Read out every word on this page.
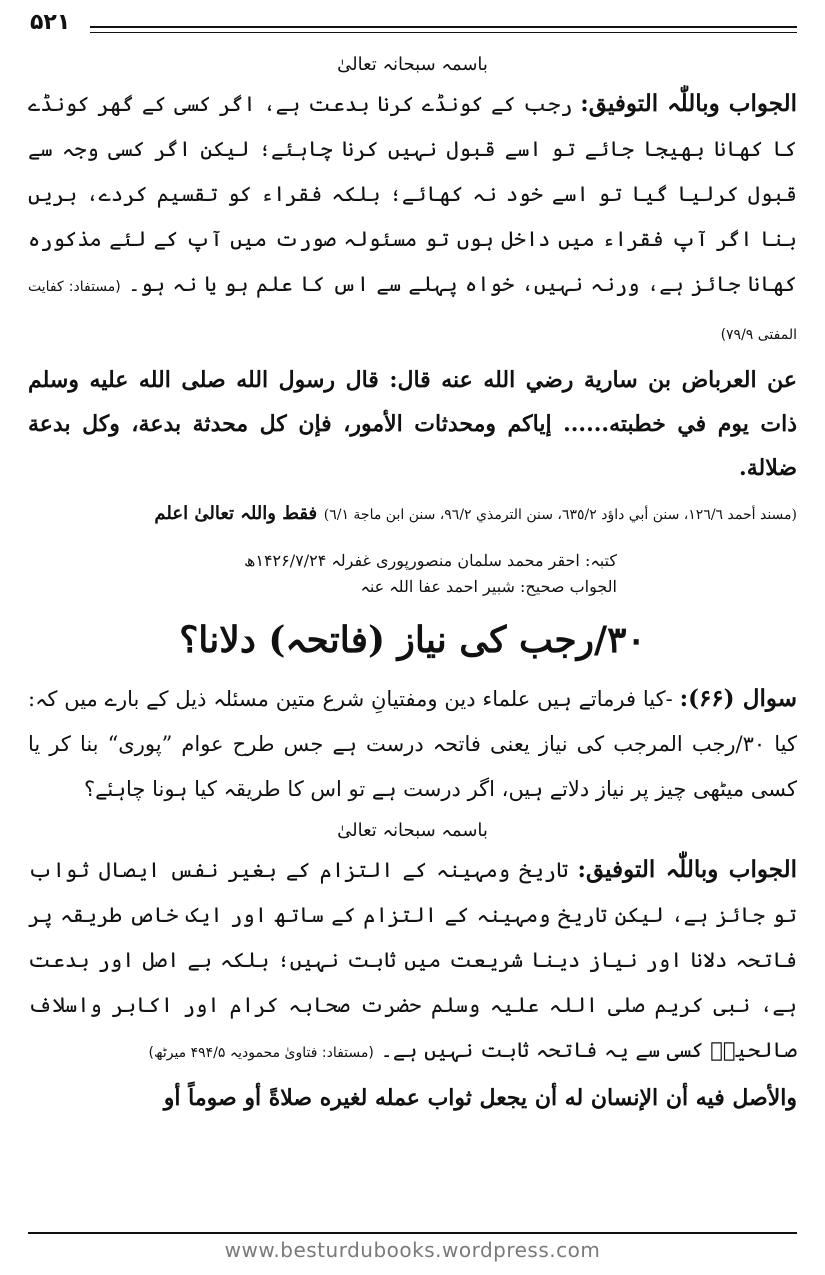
۵۲۱
باسمہ سبحانہ تعالیٰ

الجواب وباللّٰہ التوفیق: رجب کے کونڈے کرنا بدعت ہے، اگر کسی کے گھر کونڈے کا کھانا بھیجا جائے تو اسے قبول نہیں کرنا چاہئے؛ لیکن اگر کسی وجہ سے قبول کرلیا گیا تو اسے خود نہ کھائے؛ بلکہ فقراء کو تقسیم کردے، بریں بنا اگر آپ فقراء میں داخل ہوں تو مسئولہ صورت میں آپ کے لئے مذکورہ کھانا جائز ہے، ورنہ نہیں، خواہ پہلے سے اس کا علم ہو یا نہ ہو۔ (مستفاد: کفایت المفتی ۷۹/۹)

عن العرباض بن سارية رضي الله عنه قال: قال رسول الله صلى الله عليه وسلم ذات يوم في خطبته...... إياكم ومحدثات الأمور، فإن كل محدثة بدعة، وكل بدعة ضلالة.

(مسند أحمد ١٢٦/٦، سنن أبي داؤد ٦٣٥/٢، سنن الترمذي ٩٦/٢، سنن ابن ماجة ٦/١) فقط واللہ تعالیٰ اعلم

کتبہ: احقر محمد سلمان منصورپوری غفرلہ ۱۴۲۶/۷/۲۴ھ
الجواب صحیح: شبیر احمد عفا اللہ عنہ
۳۰/رجب کی نیاز (فاتحہ) دلانا؟

سوال (۶۶): -کیا فرماتے ہیں علماء دین ومفتیانِ شرع متین مسئلہ ذیل کے بارے میں کہ: کیا ۳۰/رجب المرجب کی نیاز یعنی فاتحہ درست ہے جس طرح عوام ”پوری“ بنا کر یا کسی میٹھی چیز پر نیاز دلاتے ہیں، اگر درست ہے تو اس کا طریقہ کیا ہونا چاہئے؟

باسمہ سبحانہ تعالیٰ

الجواب وباللّٰہ التوفیق: تاریخ ومہینہ کے التزام کے بغیر نفس ایصال ثواب تو جائز ہے، لیکن تاریخ ومہینہ کے التزام کے ساتھ اور ایک خاص طریقہ پر فاتحہ دلانا اور نیاز دینا شریعت میں ثابت نہیں؛ بلکہ بے اصل اور بدعت ہے، نبی کریم صلی اللہ علیہ وسلم حضرت صحابہ کرام اور اکابر واسلاف صالحینؒ کسی سے یہ فاتحہ ثابت نہیں ہے۔ (مستفاد: فتاویٰ محمودیہ ۴۹۴/۵ میرٹھ)

والأصل فيه أن الإنسان له أن يجعل ثواب عمله لغيره صلاةً أو صوماً أو

www.besturdubooks.wordpress.com
